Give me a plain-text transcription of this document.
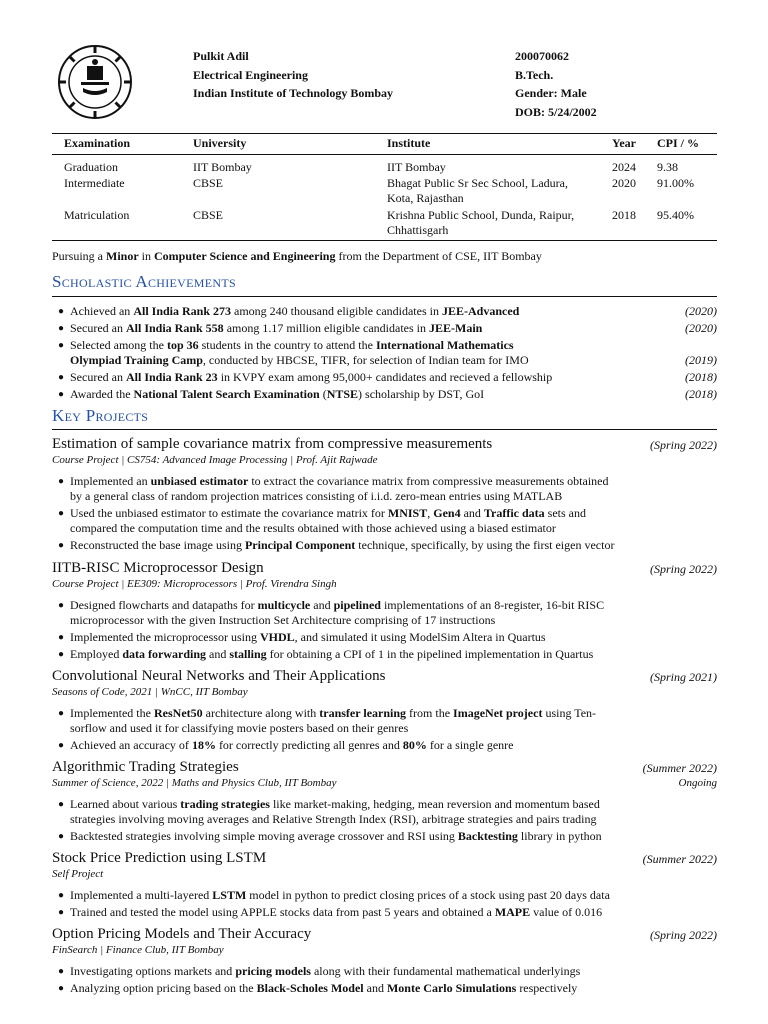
Pulkit Adil
Electrical Engineering
Indian Institute of Technology Bombay
200070062
B.Tech.
Gender: Male
DOB: 5/24/2002
Examination	University	Institute	Year CPI / %
Graduation	IIT Bombay	IIT Bombay	2024 9.38
Intermediate	CBSE	Bhagat Public Sr Sec School, Ladura,
Kota, Rajasthan
2020 91.00%
Matriculation	CBSE	Krishna Public School, Dunda, Raipur,
Chhattisgarh
2018 95.40%
Pursuing a Minor in Computer Science and Engineering from the Department of CSE, IIT Bombay
Scholastic Achievements
● Achieved an All India Rank 273 among 240 thousand eligible candidates in JEE-Advanced	(2020)
● Secured an All India Rank 558 among 1.17 million eligible candidates in JEE-Main	(2020)
● Selected among the top 36 students in the country to attend the International Mathematics
Olympiad Training Camp, conducted by HBCSE, TIFR, for selection of Indian team for IMO	(2019)
● Secured an All India Rank 23 in KVPY exam among 95,000+ candidates and recieved a fellowship	(2018)
● Awarded the National Talent Search Examination (NTSE) scholarship by DST, GoI	(2018)
Key Projects
Estimation of sample covariance matrix from compressive measurements	(Spring 2022)
Course Project | CS754: Advanced Image Processing | Prof. Ajit Rajwade
● Implemented an unbiased estimator to extract the covariance matrix from compressive measurements obtained
by a general class of random projection matrices consisting of i.i.d. zero-mean entries using MATLAB
● Used the unbiased estimator to estimate the covariance matrix for MNIST, Gen4 and Traffic data sets and
compared the computation time and the results obtained with those achieved using a biased estimator
● Reconstructed the base image using Principal Component technique, specifically, by using the first eigen vector
IITB-RISC Microprocessor Design	(Spring 2022)
Course Project | EE309: Microprocessors | Prof. Virendra Singh
● Designed flowcharts and datapaths for multicycle and pipelined implementations of an 8-register, 16-bit RISC
microprocessor with the given Instruction Set Architecture comprising of 17 instructions
● Implemented the microprocessor using VHDL, and simulated it using ModelSim Altera in Quartus
● Employed data forwarding and stalling for obtaining a CPI of 1 in the pipelined implementation in Quartus
Convolutional Neural Networks and Their Applications	(Spring 2021)
Seasons of Code, 2021 | WnCC, IIT Bombay
● Implemented the ResNet50 architecture along with transfer learning from the ImageNet project using Ten-
sorflow and used it for classifying movie posters based on their genres
● Achieved an accuracy of 18% for correctly predicting all genres and 80% for a single genre
Algorithmic Trading Strategies	(Summer 2022)
Summer of Science, 2022 | Maths and Physics Club, IIT Bombay	Ongoing
● Learned about various trading strategies like market-making, hedging, mean reversion and momentum based
strategies involving moving averages and Relative Strength Index (RSI), arbitrage strategies and pairs trading
● Backtested strategies involving simple moving average crossover and RSI using Backtesting library in python
Stock Price Prediction using LSTM	(Summer 2022)
Self Project
● Implemented a multi-layered LSTM model in python to predict closing prices of a stock using past 20 days data
● Trained and tested the model using APPLE stocks data from past 5 years and obtained a MAPE value of 0.016
Option Pricing Models and Their Accuracy	(Spring 2022)
FinSearch | Finance Club, IIT Bombay
● Investigating options markets and pricing models along with their fundamental mathematical underlyings
● Analyzing option pricing based on the Black-Scholes Model and Monte Carlo Simulations respectively
